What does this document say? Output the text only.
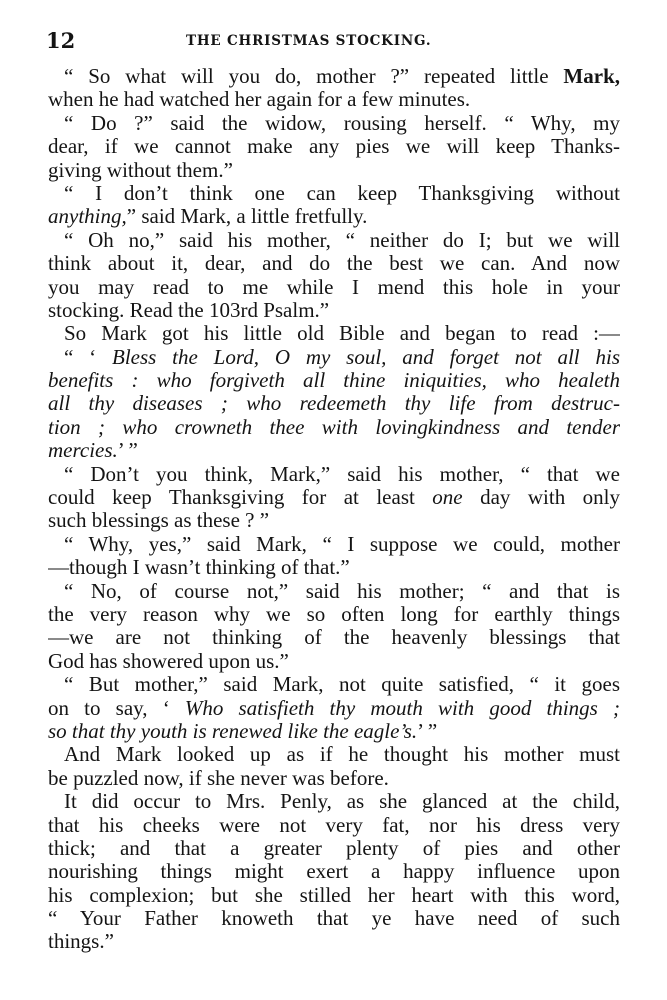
12	THE CHRISTMAS STOCKING.
“ So what will you do, mother ?” repeated little Mark,
when he had watched her again for a few minutes.
“ Do ?” said the widow, rousing herself. “ Why, my
dear, if we cannot make any pies we will keep Thanks-
giving without them.”
“ I don’t think one can keep Thanksgiving without
anything,” said Mark, a little fretfully.
“ Oh no,” said his mother, “ neither do I; but we will
think about it, dear, and do the best we can. And now
you may read to me while I mend this hole in your
stocking. Read the 103rd Psalm.”
So Mark got his little old Bible and began to read :—
“ ‘ Bless the Lord, O my soul, and forget not all his
benefits : who forgiveth all thine iniquities, who healeth
all thy diseases ; who redeemeth thy life from destruc-
tion ; who crowneth thee with lovingkindness and tender
mercies.’ ”
“ Don’t you think, Mark,” said his mother, “ that we
could keep Thanksgiving for at least one day with only
such blessings as these ? ”
“ Why, yes,” said Mark, “ I suppose we could, mother
—though I wasn’t thinking of that.”
“ No, of course not,” said his mother; “ and that is
the very reason why we so often long for earthly things
—we are not thinking of the heavenly blessings that
God has showered upon us.”
“ But mother,” said Mark, not quite satisfied, “ it goes
on to say, ‘ Who satisfieth thy mouth with good things ;
so that thy youth is renewed like the eagle’s.’ ”
And Mark looked up as if he thought his mother must
be puzzled now, if she never was before.
It did occur to Mrs. Penly, as she glanced at the child,
that his cheeks were not very fat, nor his dress very
thick; and that a greater plenty of pies and other
nourishing things might exert a happy influence upon
his complexion; but she stilled her heart with this word,
“ Your Father knoweth that ye have need of such
things.”
